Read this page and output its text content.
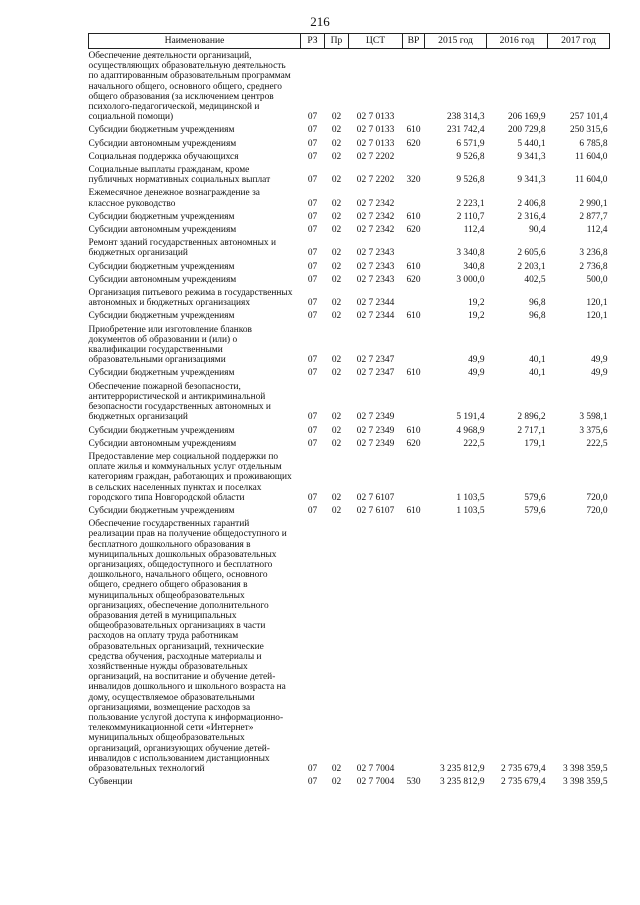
216
Наименование	РЗ	Пр	ЦСТ	ВР	2015 год	2016 год	2017 год
Обеспечение деятельности организаций, осуществляющих образовательную деятельность по адаптированным образовательным программам начального общего, основного общего, среднего общего образования (за исключением центров психолого-педагогической, медицинской и социальной помощи)	07	02	02 7 0133		238 314,3	206 169,9	257 101,4
Субсидии бюджетным учреждениям	07	02	02 7 0133	610	231 742,4	200 729,8	250 315,6
Субсидии автономным учреждениям	07	02	02 7 0133	620	6 571,9	5 440,1	6 785,8
Социальная поддержка обучающихся	07	02	02 7 2202		9 526,8	9 341,3	11 604,0
Социальные выплаты гражданам, кроме публичных нормативных социальных выплат	07	02	02 7 2202	320	9 526,8	9 341,3	11 604,0
Ежемесячное денежное вознаграждение за классное руководство	07	02	02 7 2342		2 223,1	2 406,8	2 990,1
Субсидии бюджетным учреждениям	07	02	02 7 2342	610	2 110,7	2 316,4	2 877,7
Субсидии автономным учреждениям	07	02	02 7 2342	620	112,4	90,4	112,4
Ремонт зданий государственных автономных и бюджетных организаций	07	02	02 7 2343		3 340,8	2 605,6	3 236,8
Субсидии бюджетным учреждениям	07	02	02 7 2343	610	340,8	2 203,1	2 736,8
Субсидии автономным учреждениям	07	02	02 7 2343	620	3 000,0	402,5	500,0
Организация питьевого режима в государственных автономных и бюджетных организациях	07	02	02 7 2344		19,2	96,8	120,1
Субсидии бюджетным учреждениям	07	02	02 7 2344	610	19,2	96,8	120,1
Приобретение или изготовление бланков документов об образовании и (или) о квалификации государственными образовательными организациями	07	02	02 7 2347		49,9	40,1	49,9
Субсидии бюджетным учреждениям	07	02	02 7 2347	610	49,9	40,1	49,9
Обеспечение пожарной безопасности, антитеррористической и антикриминальной безопасности государственных автономных и бюджетных организаций	07	02	02 7 2349		5 191,4	2 896,2	3 598,1
Субсидии бюджетным учреждениям	07	02	02 7 2349	610	4 968,9	2 717,1	3 375,6
Субсидии автономным учреждениям	07	02	02 7 2349	620	222,5	179,1	222,5
Предоставление мер социальной поддержки по оплате жилья и коммунальных услуг отдельным категориям граждан, работающих и проживающих в сельских населенных пунктах и поселках городского типа Новгородской области	07	02	02 7 6107		1 103,5	579,6	720,0
Субсидии бюджетным учреждениям	07	02	02 7 6107	610	1 103,5	579,6	720,0
Обеспечение государственных гарантий реализации прав на получение общедоступного и бесплатного дошкольного образования в муниципальных дошкольных образовательных организациях, общедоступного и бесплатного дошкольного, начального общего, основного общего, среднего общего образования в муниципальных общеобразовательных организациях, обеспечение дополнительного образования детей в муниципальных общеобразовательных организациях в части расходов на оплату труда работникам образовательных организаций, технические средства обучения, расходные материалы и хозяйственные нужды образовательных организаций, на воспитание и обучение детей-инвалидов дошкольного и школьного возраста на дому, осуществляемое образовательными организациями, возмещение расходов за пользование услугой доступа к информационно-телекоммуникационной сети «Интернет» муниципальных общеобразовательных организаций, организующих обучение детей-инвалидов с использованием дистанционных образовательных технологий	07	02	02 7 7004		3 235 812,9	2 735 679,4	3 398 359,5
Субвенции	07	02	02 7 7004	530	3 235 812,9	2 735 679,4	3 398 359,5
